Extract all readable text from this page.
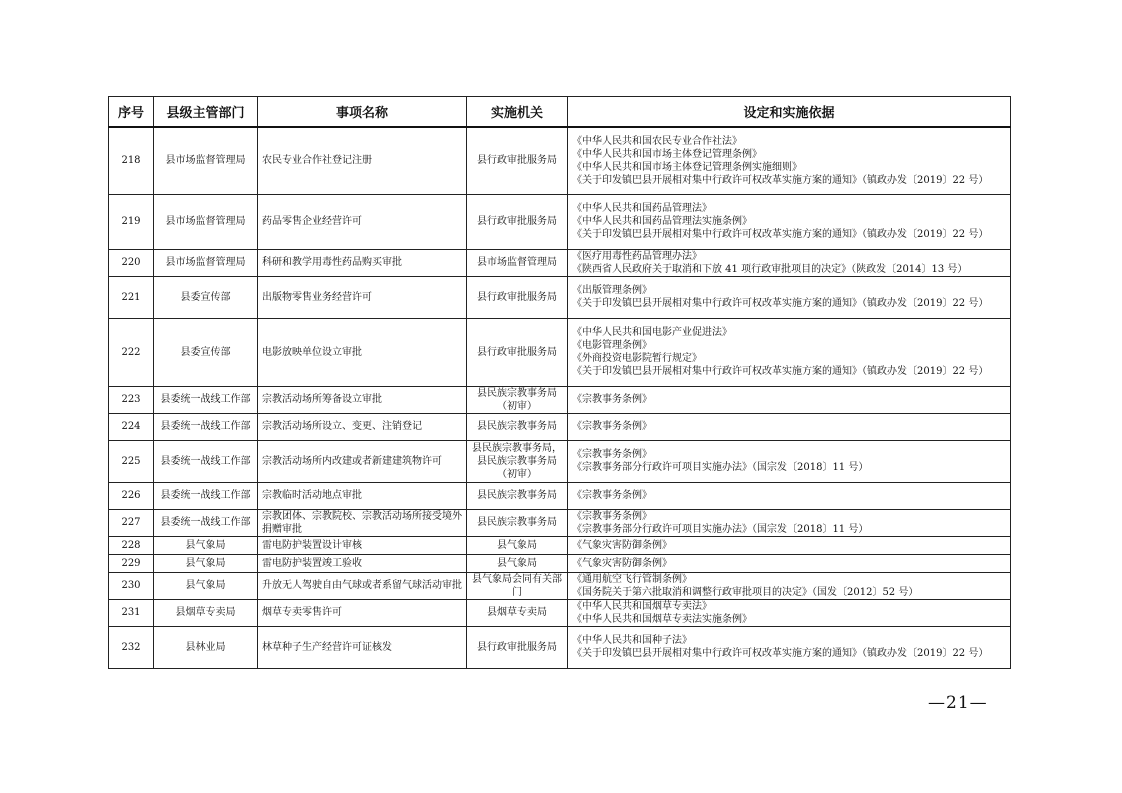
序号	县级主管部门	事项名称	实施机关	设定和实施依据
218	县市场监督管理局	农民专业合作社登记注册	县行政审批服务局	《中华人民共和国农民专业合作社法》
《中华人民共和国市场主体登记管理条例》
《中华人民共和国市场主体登记管理条例实施细则》
《关于印发镇巴县开展相对集中行政许可权改革实施方案的通知》（镇政办发〔2019〕22 号）

219	县市场监督管理局	药品零售企业经营许可	县行政审批服务局	《中华人民共和国药品管理法》
《中华人民共和国药品管理法实施条例》
《关于印发镇巴县开展相对集中行政许可权改革实施方案的通知》（镇政办发〔2019〕22 号）

220	县市场监督管理局	科研和教学用毒性药品购买审批	县市场监督管理局	《医疗用毒性药品管理办法》
《陕西省人民政府关于取消和下放 41 项行政审批项目的决定》（陕政发〔2014〕13 号）

221	县委宣传部	出版物零售业务经营许可	县行政审批服务局	《出版管理条例》
《关于印发镇巴县开展相对集中行政许可权改革实施方案的通知》（镇政办发〔2019〕22 号）

222	县委宣传部	电影放映单位设立审批	县行政审批服务局	《中华人民共和国电影产业促进法》
《电影管理条例》
《外商投资电影院暂行规定》
《关于印发镇巴县开展相对集中行政许可权改革实施方案的通知》（镇政办发〔2019〕22 号）

223	县委统一战线工作部	宗教活动场所筹备设立审批	县民族宗教事务局（初审）	《宗教事务条例》

224	县委统一战线工作部	宗教活动场所设立、变更、注销登记	县民族宗教事务局	《宗教事务条例》

225	县委统一战线工作部	宗教活动场所内改建或者新建建筑物许可	县民族宗教事务局，县民族宗教事务局（初审）	《宗教事务条例》
《宗教事务部分行政许可项目实施办法》（国宗发〔2018〕11 号）

226	县委统一战线工作部	宗教临时活动地点审批	县民族宗教事务局	《宗教事务条例》

227	县委统一战线工作部	宗教团体、宗教院校、宗教活动场所接受境外捐赠审批	县民族宗教事务局	《宗教事务条例》
《宗教事务部分行政许可项目实施办法》（国宗发〔2018〕11 号）

228	县气象局	雷电防护装置设计审核	县气象局	《气象灾害防御条例》

229	县气象局	雷电防护装置竣工验收	县气象局	《气象灾害防御条例》

230	县气象局	升放无人驾驶自由气球或者系留气球活动审批	县气象局会同有关部门	《通用航空飞行管制条例》
《国务院关于第六批取消和调整行政审批项目的决定》（国发〔2012〕52 号）

231	县烟草专卖局	烟草专卖零售许可	县烟草专卖局	《中华人民共和国烟草专卖法》
《中华人民共和国烟草专卖法实施条例》

232	县林业局	林草种子生产经营许可证核发	县行政审批服务局	《中华人民共和国种子法》
《关于印发镇巴县开展相对集中行政许可权改革实施方案的通知》（镇政办发〔2019〕22 号）
—21—
